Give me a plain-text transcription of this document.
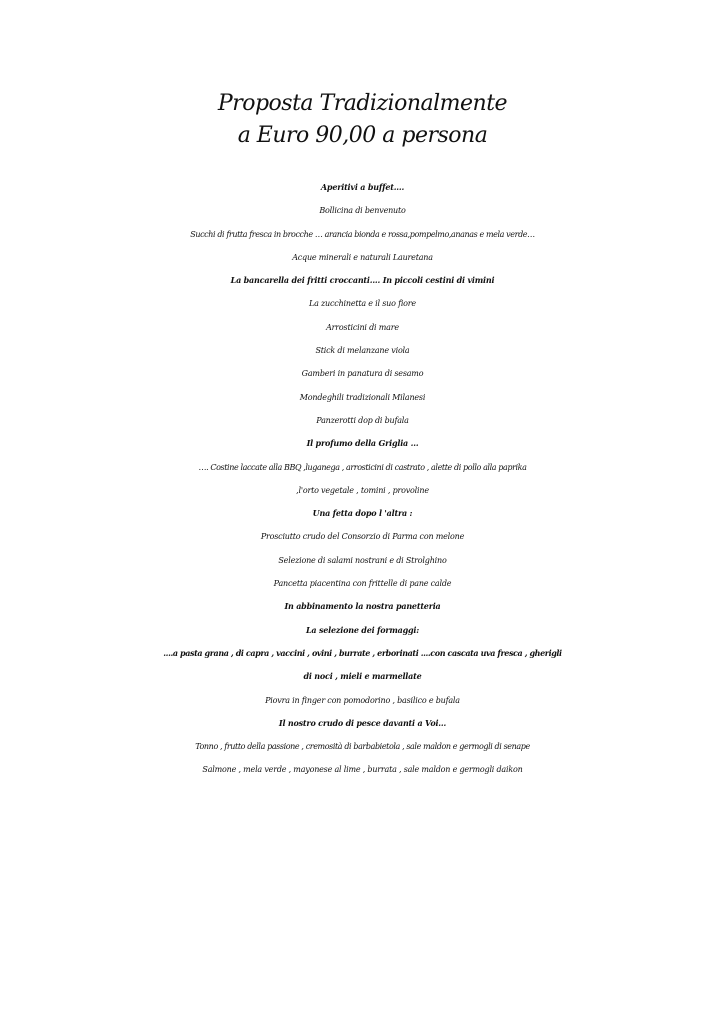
Proposta Tradizionalmente
a Euro 90,00 a persona
Aperitivi a buffet....
Bollicina di benvenuto
Succhi di frutta fresca in brocche … arancia bionda e rossa,pompelmo,ananas e mela verde…
Acque minerali e naturali Lauretana
La bancarella dei fritti croccanti.... In piccoli cestini di vimini
La zucchinetta e il suo fiore
Arrosticini di mare
Stick di melanzane viola
Gamberi in panatura di sesamo
Mondeghili tradizionali Milanesi
Panzerotti dop di bufala
Il profumo della Griglia …
…. Costine laccate alla BBQ ,luganega , arrosticini di castrato , alette di pollo alla paprika
,l'orto vegetale , tomini , provoline
Una fetta dopo l 'altra :
Prosciutto crudo del Consorzio di Parma con melone
Selezione di salami nostrani e di Strolghino
Pancetta piacentina con frittelle di pane calde
In abbinamento la nostra panetteria
La selezione dei formaggi:
....a pasta grana , di capra , vaccini , ovini , burrate , erborinati ....con cascata uva fresca , gherigli
di noci , mieli e marmellate
Piovra in finger con pomodorino , basilico e bufala
Il nostro crudo di pesce davanti a Voi…
Tonno , frutto della passione , cremosità di barbabietola , sale maldon e germogli di senape
Salmone , mela verde , mayonese al lime , burrata , sale maldon e germogli daikon
